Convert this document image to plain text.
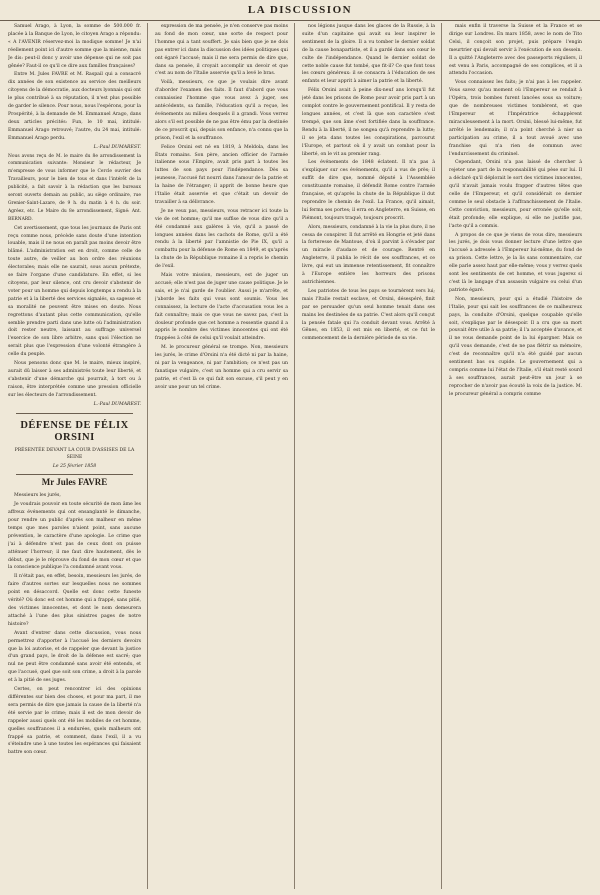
LA DISCUSSION

Samuel Arago, à Lyon, la somme de 500.000 fr. placée à la Banque de Lyon, le citoyen Arago a répondu: « A l'AVENIR réservez-moi la modique somme! Je n'ai réellement point ici d'autre somme que la mienne, mais Je dis: peut-il donc y avoir une dépense qui ne soit pas gênée? Faut-il ce qu'il ce dire aux familles françaises?

Entre M. Jules FAVRE et M. Raspail qui a consacré dix années de son existence au service des meilleurs citoyens de la démocratie, aux docteurs lyonnais qui ont le plus contribué à sa réputation, il n'est plus possible de garder le silence. Pour nous, nous l'espérons, pour la Prospérité, à la demande de M. Emmanuel Arago, dans deux articles précités: Fun, le 10 mai, intitulé: Emmanuel Arago retrouvé; l'autre, du 24 mai, intitulé: Emmanuel Arago perdu.

L.-Paul DUMAREST.

Nous avons reçu de M. le maire du 8e arrondissement la communication suivante: Monsieur le rédacteur, Je m'empresse de vous informer que le Cercle ouvrier des Travailleurs, pour le bien de tous et dans l'intérêt de la publicité, a fait savoir à la rédaction que les bureaux seront ouverts demain au public, au siège ordinaire, rue Grenier-Saint-Lazare, de 9 h. du matin à 4 h. du soir. Agréez, etc. Le Maire du 8e arrondissement, Signé: Ant. BERNARD.

Cet avertissement, que tous les journaux de Paris ont reçu comme nous, précède sans doute d'une intention louable, mais il ne nous en paraît pas moins devoir être blâmé. L'administration est en droit, comme celle de toute autre, de veiller au bon ordre des réunions électorales; mais elle ne saurait, sous aucun prétexte, se faire l'organe d'une candidature. En effet, si les citoyens, par leur silence, ont cru devoir s'abstenir de voter pour un homme qui depuis longtemps a rendu à la patrie et à la liberté des services signalés, sa sagesse et sa moralité ne peuvent être mises en doute. Nous regrettons d'autant plus cette communication, qu'elle semble prendre parti dans une lutte où l'administration doit rester neutre, laissant au suffrage universel l'exercice de son libre arbitre, sans quoi l'élection ne serait plus que l'expression d'une volonté étrangère à celle du peuple.

Nous pensons donc que M. le maire, mieux inspiré, aurait dû laisser à ses administrés toute leur liberté, et s'abstenir d'une démarche qui pourrait, à tort ou à raison, être interprétée comme une pression officielle sur les électeurs de l'arrondissement.

L.-Paul DUMAREST.

DÉFENSE DE FÉLIX ORSINI
PRÉSENTÉE DEVANT LA COUR D'ASSISES DE LA SEINE
Le 25 février 1858
Mr Jules FAVRE

Messieurs les jurés,

Je voudrais pouvoir en toute sécurité de mon âme les affreux événements qui ont ensanglanté le dimanche, pour rendre un public d'après son malheur en même temps que mes paroles n'aient point, sans aucune prévention, le caractère d'une apologie. Le crime que j'ai à défendre n'est pas de ceux dont on puisse atténuer l'horreur; il me faut dire hautement, dès le début, que je le réprouve du fond de mon cœur et que la conscience publique l'a condamné avant vous.

Il n'était pas, en effet, besoin, messieurs les jurés, de faire d'autres sortes sur lesquelles nous ne sommes point en désaccord. Quelle est donc cette funeste vérité? Où donc est cet homme qui a frappé, sans pitié, des victimes innocentes, et dont le nom demeurera attaché à l'une des plus sinistres pages de notre histoire?

Avant d'entrer dans cette discussion, vous nous permettrez d'apporter à l'accusé les derniers devoirs que la loi autorise, et de rappeler que devant la justice d'un grand pays, le droit de la défense est sacré; que nul ne peut être condamné sans avoir été entendu, et que l'accusé, quel que soit son crime, a droit à la parole et à la pitié de ses juges.

Certes, on peut rencontrer ici des opinions différentes sur bien des choses, et pour ma part, il me sera permis de dire que jamais la cause de la liberté n'a été servie par le crime; mais il est de mon devoir de rappeler aussi quels ont été les mobiles de cet homme, quelles souffrances il a endurées, quels malheurs ont frappé sa patrie, et comment, dans l'exil, il a vu s'éteindre une à une toutes les espérances qui faisaient battre son cœur.

expression de ma pensée, je n'en conserve pas moins au fond de mon cœur, une sorte de respect pour l'homme qui a tant souffert. Je sais bien que je ne dois pas entrer ici dans la discussion des idées politiques qui ont égaré l'accusé; mais il me sera permis de dire que, dans sa pensée, il croyait accomplir un devoir et que c'est au nom de l'Italie asservie qu'il a levé le bras.

Voilà, messieurs, ce que je voulais dire avant d'aborder l'examen des faits. Il faut d'abord que vous connaissiez l'homme que vous avez à juger, ses antécédents, sa famille, l'éducation qu'il a reçue, les événements au milieu desquels il a grandi. Vous verrez alors s'il est possible de ne pas être ému par la destinée de ce proscrit qui, depuis son enfance, n'a connu que la prison, l'exil et la souffrance.

Felice Orsini est né en 1819, à Meldola, dans les États romains. Son père, ancien officier de l'armée italienne sous l'Empire, avait pris part à toutes les luttes de son pays pour l'indépendance. Dès sa jeunesse, l'accusé fut nourri dans l'amour de la patrie et la haine de l'étranger; il apprit de bonne heure que l'Italie était asservie et que c'était un devoir de travailler à sa délivrance.

Je ne veux pas, messieurs, vous retracer ici toute la vie de cet homme; qu'il me suffise de vous dire qu'il a été condamné aux galères à vie, qu'il a passé de longues années dans les cachots de Rome, qu'il a été rendu à la liberté par l'amnistie de Pie IX, qu'il a combattu pour la défense de Rome en 1849, et qu'après la chute de la République romaine il a repris le chemin de l'exil.

Mais votre mission, messieurs, est de juger un accusé; elle n'est pas de juger une cause politique. Je le sais, et je n'ai garde de l'oublier. Aussi je m'arrête, et j'aborde les faits qui vous sont soumis. Vous les connaissez, la lecture de l'acte d'accusation vous les a fait connaître; mais ce que vous ne savez pas, c'est la douleur profonde que cet homme a ressentie quand il a appris le nombre des victimes innocentes qui ont été frappées à côté de celui qu'il voulait atteindre.

M. le procureur général se trompe. Non, messieurs les jurés, le crime d'Orsini n'a été dicté ni par la haine, ni par la vengeance, ni par l'ambition; ce n'est pas un fanatique vulgaire, c'est un homme qui a cru servir sa patrie, et c'est là ce qui fait son excuse, s'il peut y en avoir une pour un tel crime.

nos légions jusque dans les glaces de la Russie, à la suite d'un capitaine qui avait su leur inspirer le sentiment de la gloire. Il a vu tomber le dernier soldat de la cause bonapartiste, et il a gardé dans son cœur le culte de l'indépendance. Quand le dernier soldat de cette noble cause fut tombé, que fit-il? Ce que font tous les cœurs généreux: il se consacra à l'éducation de ses enfants et leur apprit à aimer la patrie et la liberté.

Félix Orsini avait à peine dix-neuf ans lorsqu'il fut jeté dans les prisons de Rome pour avoir pris part à un complot contre le gouvernement pontifical. Il y resta de longues années, et c'est là que son caractère s'est trempé, que son âme s'est fortifiée dans la souffrance. Rendu à la liberté, il ne songea qu'à reprendre la lutte; il se jeta dans toutes les conspirations, parcourut l'Europe, et partout où il y avait un combat pour la liberté, on le vit au premier rang.

Les événements de 1848 éclatent. Il n'a pas à s'expliquer sur ces événements, qu'il a vus de près; il suffit de dire que, nommé député à l'Assemblée constituante romaine, il défendit Rome contre l'armée française, et qu'après la chute de la République il dut reprendre le chemin de l'exil. La France, qu'il aimait, lui ferma ses portes; il erra en Angleterre, en Suisse, en Piémont, toujours traqué, toujours proscrit.

Alors, messieurs, condamné à la vie la plus dure, il ne cessa de conspirer. Il fut arrêté en Hongrie et jeté dans la forteresse de Mantoue, d'où il parvint à s'évader par un miracle d'audace et de courage. Rentré en Angleterre, il publia le récit de ses souffrances, et ce livre, qui eut un immense retentissement, fit connaître à l'Europe entière les horreurs des prisons autrichiennes.

Les patriotes de tous les pays se tournèrent vers lui; mais l'Italie restait esclave, et Orsini, désespéré, finit par se persuader qu'un seul homme tenait dans ses mains les destinées de sa patrie. C'est alors qu'il conçut la pensée fatale qui l'a conduit devant vous. Arrêté à Gênes, en 1853, il est mis en liberté, et ce fut le commencement de la dernière période de sa vie.

mais enfin il traverse la Suisse et la France et se dirige sur Londres. En mars 1858, avec le nom de Tito Celsi, il conçoit son projet, puis prépare l'engin meurtrier qui devait servir à l'exécution de son dessein. Il a quitté l'Angleterre avec des passeports réguliers, il est venu à Paris, accompagné de ses complices, et il a attendu l'occasion.

Vous connaissez les faits; je n'ai pas à les rappeler. Vous savez qu'au moment où l'Empereur se rendait à l'Opéra, trois bombes furent lancées sous sa voiture; que de nombreuses victimes tombèrent, et que l'Empereur et l'Impératrice échappèrent miraculeusement à la mort. Orsini, blessé lui-même, fut arrêté le lendemain; il n'a point cherché à nier sa participation au crime, il a tout avoué avec une franchise qui n'a rien de commun avec l'endurcissement du criminel.

Cependant, Orsini n'a pas laissé de chercher à rejeter une part de la responsabilité qui pèse sur lui. Il a déclaré qu'il déplorait le sort des victimes innocentes, qu'il n'avait jamais voulu frapper d'autres têtes que celle de l'Empereur, et qu'il considérait ce dernier comme le seul obstacle à l'affranchissement de l'Italie. Cette conviction, messieurs, pour erronée qu'elle soit, était profonde; elle explique, si elle ne justifie pas, l'acte qu'il a commis.

A propos de ce que je viens de vous dire, messieurs les jurés, je dois vous donner lecture d'une lettre que l'accusé a adressée à l'Empereur lui-même, du fond de sa prison. Cette lettre, je la lis sans commentaire, car elle parle assez haut par elle-même; vous y verrez quels sont les sentiments de cet homme, et vous jugerez si c'est là le langage d'un assassin vulgaire ou celui d'un patriote égaré.

Non, messieurs, pour qui a étudié l'histoire de l'Italie, pour qui sait les souffrances de ce malheureux pays, la conduite d'Orsini, quelque coupable qu'elle soit, s'explique par le désespoir. Il a cru que sa mort pouvait être utile à sa patrie; il l'a acceptée d'avance, et il ne vous demande point de la lui épargner. Mais ce qu'il vous demande, c'est de ne pas flétrir sa mémoire, c'est de reconnaître qu'il n'a été guidé par aucun sentiment bas ou cupide. Le gouvernement qui a compris comme lui l'état de l'Italie, s'il était resté sourd à ses souffrances, aurait peut-être un jour à se reprocher de n'avoir pas écouté la voix de la justice. M. le procureur général a compris comme
